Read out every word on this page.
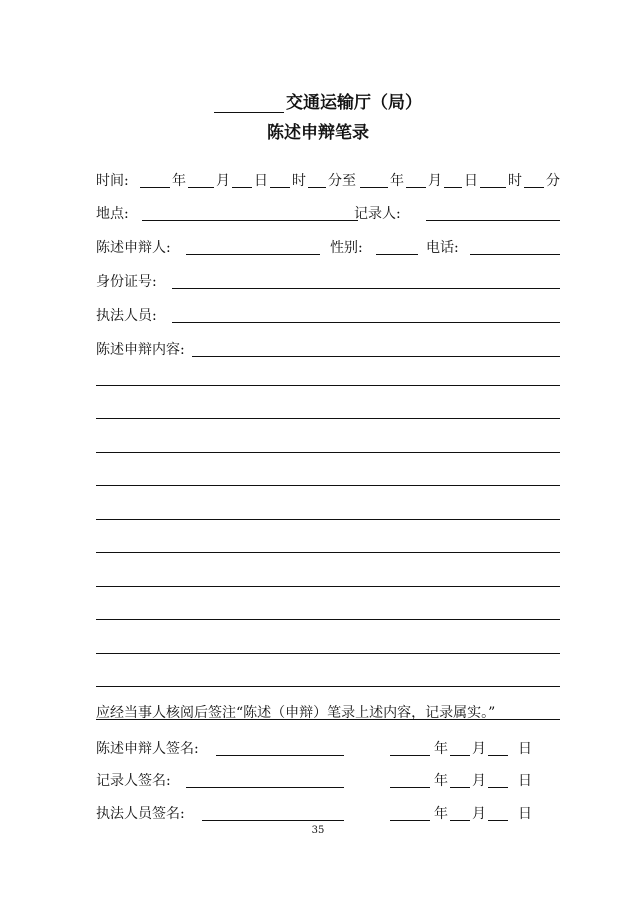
交通运输厅（局）
陈述申辩笔录
时间:	年 月 日 时 分至 年 月 日 时 分
地点:	记录人:
陈述申辩人:	性别:	电话:
身份证号:
执法人员:
陈述申辩内容:
应经当事人核阅后签注“陈述（申辩）笔录上述内容，记录属实。”
陈述申辩人签名:	年 月 日
记录人签名:	年 月 日
执法人员签名:	年 月 日
35
